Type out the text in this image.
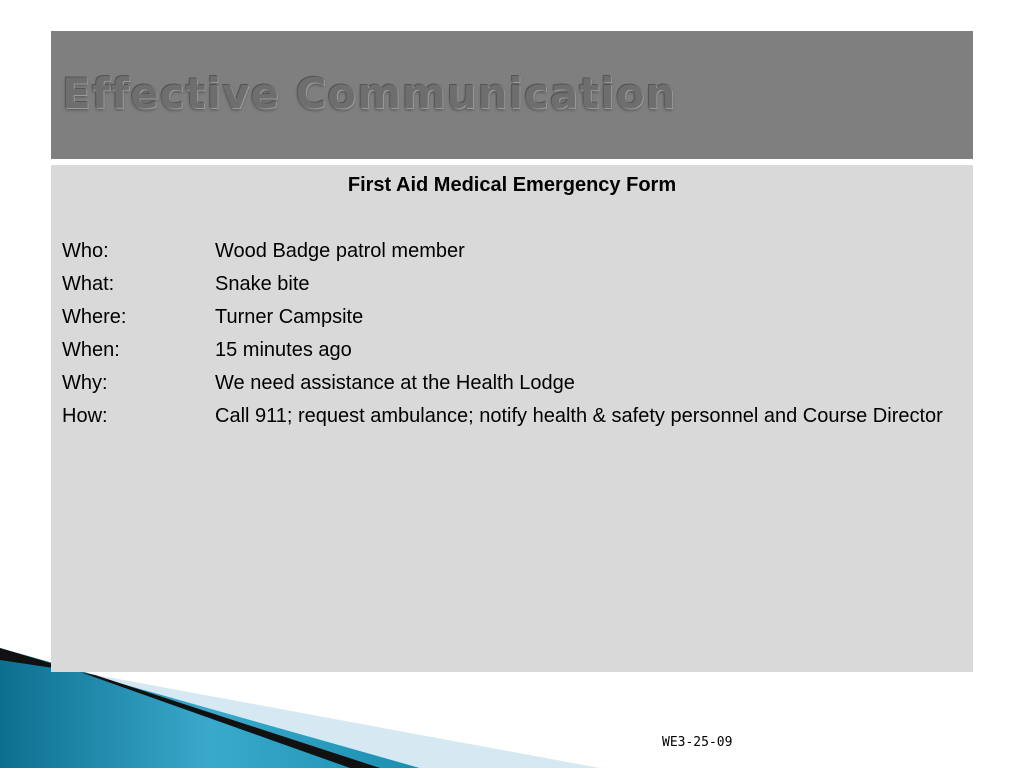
Effective Communication
First Aid Medical Emergency Form
Who:	Wood Badge patrol member
What:	Snake bite
Where:	Turner Campsite
When:	15 minutes ago
Why:	We need assistance at the Health Lodge
How:	Call 911; request ambulance; notify health & safety personnel and Course Director
WE3-25-09
